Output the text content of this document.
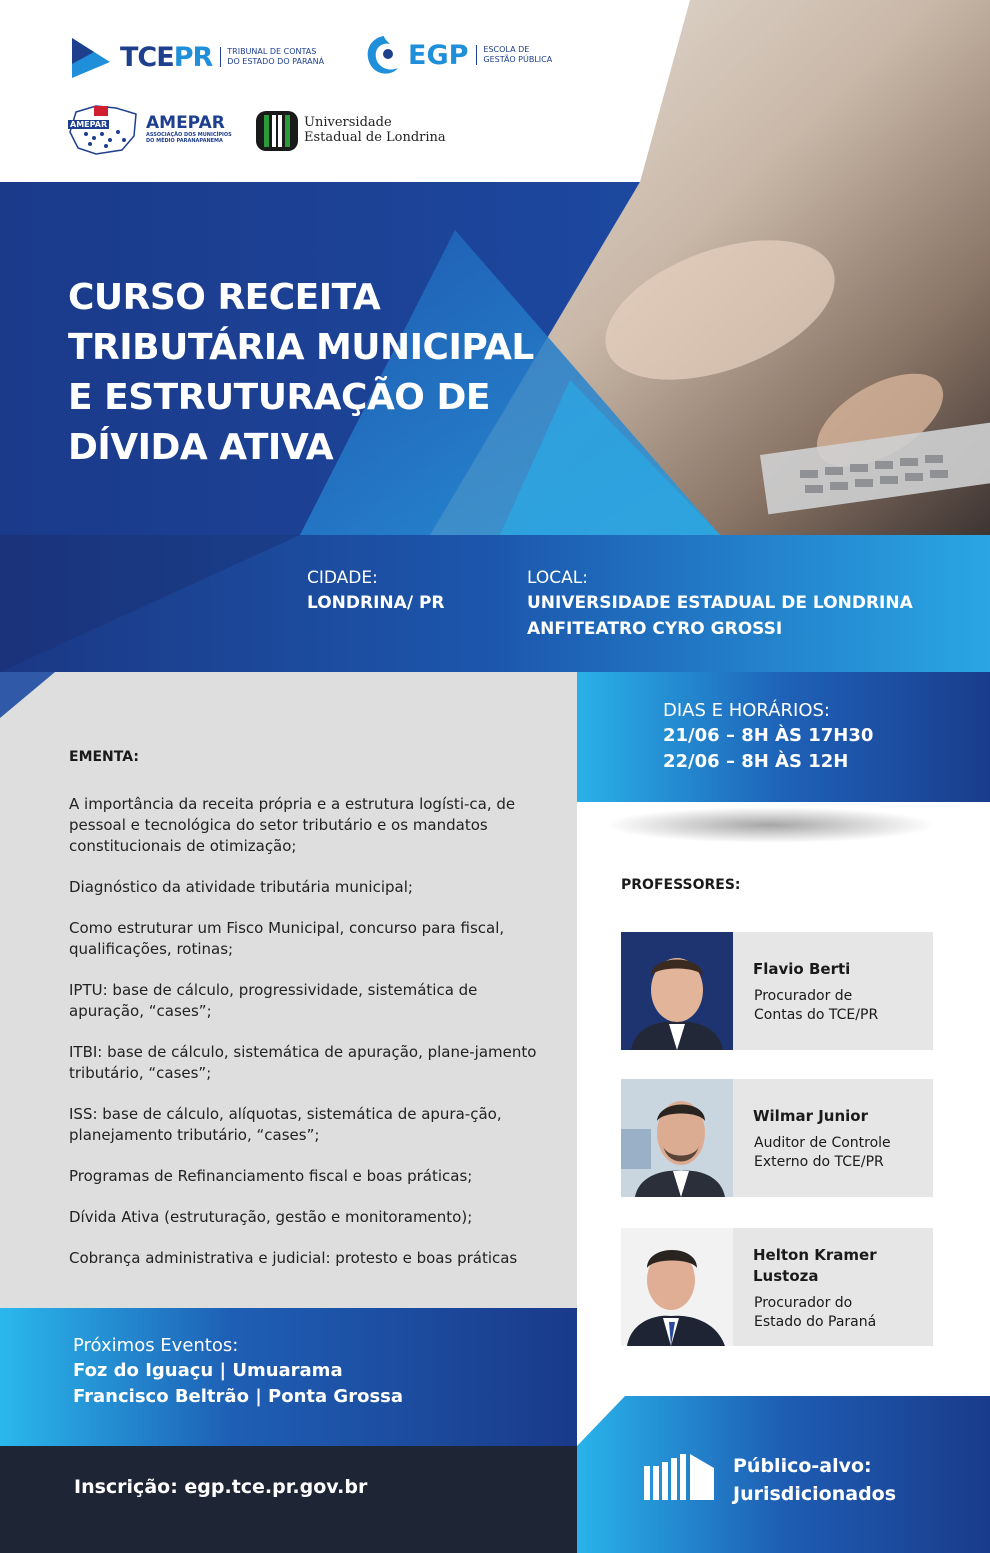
TCEPR TRIBUNAL DE CONTAS
DO ESTADO DO PARANÁ	EGP ESCOLA DE
GESTÃO PÚBLICA
AMEPAR AMEPAR
ASSOCIAÇÃO DOS MUNICÍPIOS
DO MÉDIO PARANAPANEMA
Universidade
Estadual de Londrina
CURSO RECEITA
TRIBUTÁRIA MUNICIPAL
E ESTRUTURAÇÃO DE
DÍVIDA ATIVA
CIDADE:
LONDRINA/ PR
LOCAL:
UNIVERSIDADE ESTADUAL DE LONDRINA
ANFITEATRO CYRO GROSSI
DIAS E HORÁRIOS:
21/06 – 8H ÀS 17H30
22/06 – 8H ÀS 12H
EMENTA:
A importância da receita própria e a estrutura logísti-ca, de pessoal e tecnológica do setor tributário e os mandatos constitucionais de otimização;
Diagnóstico da atividade tributária municipal;
Como estruturar um Fisco Municipal, concurso para fiscal, qualificações, rotinas;
IPTU: base de cálculo, progressividade, sistemática de apuração, “cases”;
ITBI: base de cálculo, sistemática de apuração, plane-jamento tributário, “cases”;
ISS: base de cálculo, alíquotas, sistemática de apura-ção, planejamento tributário, “cases”;
Programas de Refinanciamento fiscal e boas práticas;
Dívida Ativa (estruturação, gestão e monitoramento);
Cobrança administrativa e judicial: protesto e boas práticas
PROFESSORES:
Flavio Berti
Procurador de
Contas do TCE/PR
Wilmar Junior
Auditor de Controle
Externo do TCE/PR
Helton Kramer Lustoza
Procurador do
Estado do Paraná
Próximos Eventos:
Foz do Iguaçu | Umuarama
Francisco Beltrão | Ponta Grossa
Inscrição: egp.tce.pr.gov.br
Público-alvo:
Jurisdicionados
